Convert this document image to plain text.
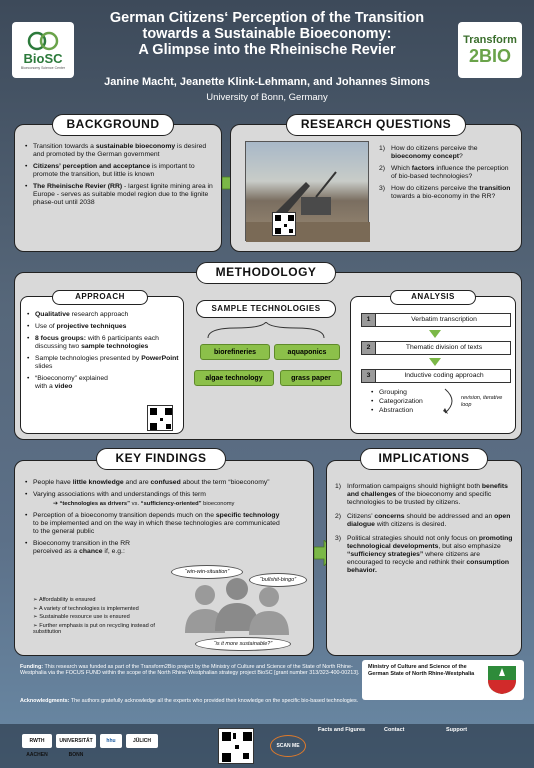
BioSC
Bioeconomy Science Center
German Citizens‘ Perception of the Transition
towards a Sustainable Bioeconomy:
A Glimpse into the Rheinische Revier
Transform
2BIO
Janine Macht, Jeanette Klink-Lehmann, and Johannes Simons
University of Bonn, Germany
• Transition towards a sustainable bioeconomy is desired and promoted by the German government
• Citizens’ perception and acceptance is important to promote the transition, but little is known
• The Rheinische Revier (RR) - largest lignite mining area in Europe - serves as suitable model region due to the lignite phase-out until 2038
BACKGROUND
1) How do citizens perceive the bioeconomy concept?
2) Which factors influence the perception of bio-based technologies?
3) How do citizens perceive the transition towards a bio-economy in the RR?
RESEARCH QUESTIONS
METHODOLOGY
• Qualitative research approach
• Use of projective techniques
• 8 focus groups: with 6 participants each discussing two sample technologies
• Sample technologies presented by PowerPoint slides
• “Bioeconomy” explained with a video
APPROACH
SAMPLE TECHNOLOGIES
biorefineries	aquaponics
algae technology	grass paper
1	Verbatim transcription
2	Thematic division of texts
3	Inductive coding approach
• Grouping
• Categorization
• Abstraction
revision, iterative loop
ANALYSIS
• People have little knowledge and are confused about the term “bioeconomy”
• Varying associations with and understandings of this term
➔ “technologies as drivers” vs. “sufficiency-oriented” bioeconomy
• Perception of a bioeconomy transition depends much on the specific technology to be implemented and on the way in which these technologies are communicated to the general public
• Bioeconomy transition in the RR perceived as a chance if, e.g.:
➢ Affordability is ensured
➢ A variety of technologies is implemented
➢ Sustainable resource use is ensured
➢ Further emphasis is put on recycling instead of substitution
“win-win-situation”
“bullshit-bingo”
“is it more sustainable?”
KEY FINDINGS
1) Information campaigns should highlight both benefits and challenges of the bioeconomy and specific technologies to be trusted by citizens.
2) Citizens’ concerns should be addressed and an open dialogue with citizens is desired.
3) Political strategies should not only focus on promoting technological developments, but also emphasize “sufficiency strategies” where citizens are encouraged to recycle and rethink their consumption behavior.
IMPLICATIONS
Funding: This research was funded as part of the Transform2Bio project by the Ministry of Culture and Science of the State of North Rhine-Westphalia via the FOCUS FUND within the scope of the North Rhine-Westphalian strategy project BioSC [grant number 313/323-400-00213].
Ministry of Culture and Science of the German State of North Rhine-Westphalia
Acknowledgments: The authors gratefully acknowledge all the experts who provided their knowledge on the specific bio-based technologies.
RWTH AACHEN
UNIVERSITÄT BONN
hhu	JÜLICH
SCAN ME
Facts and Figures	Contact	Support
